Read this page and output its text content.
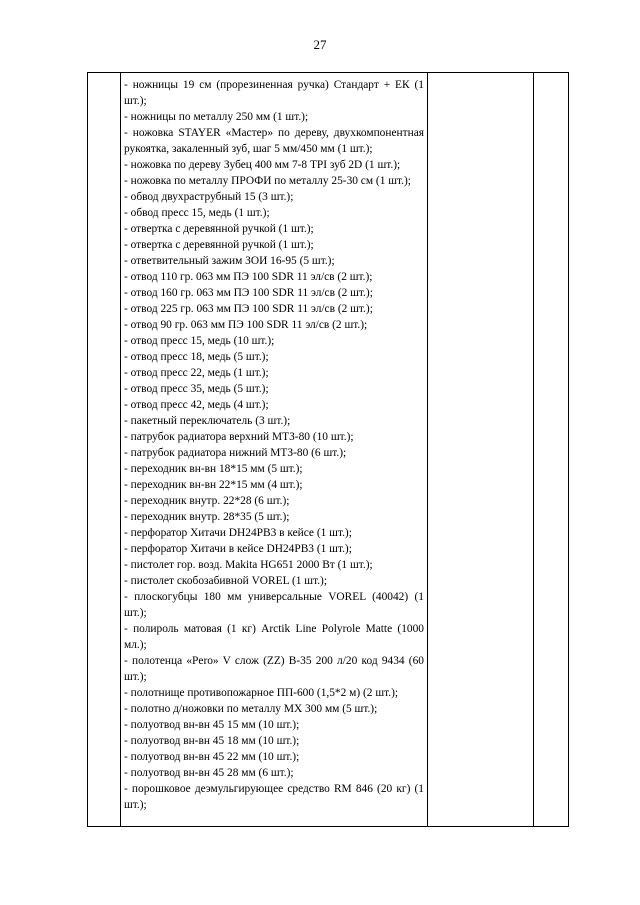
27

- ножницы 19 см (прорезиненная ручка) Стандарт + ЕК (1 шт.);

- ножницы по металлу 250 мм (1 шт.);

- ножовка STAYER «Мастер» по дереву, двухкомпонентная рукоятка, закаленный зуб, шаг 5 мм/450 мм (1 шт.);

- ножовка по дереву Зубец 400 мм 7-8 TPI зуб 2D (1 шт.);

- ножовка по металлу ПРОФИ по металлу 25-30 см (1 шт.);

- обвод двухраструбный 15 (3 шт.);

- обвод пресс 15, медь (1 шт.);

- отвертка с деревянной ручкой (1 шт.);

- отвертка с деревянной ручкой (1 шт.);

- ответвительный зажим ЗОИ 16-95 (5 шт.);

- отвод 110 гр. 063 мм ПЭ 100 SDR 11 эл/св (2 шт.);

- отвод 160 гр. 063 мм ПЭ 100 SDR 11 эл/св (2 шт.);

- отвод 225 гр. 063 мм ПЭ 100 SDR 11 эл/св (2 шт.);

- отвод 90 гр. 063 мм ПЭ 100 SDR 11 эл/св (2 шт.);

- отвод пресс 15, медь (10 шт.);

- отвод пресс 18, медь (5 шт.);

- отвод пресс 22, медь (1 шт.);

- отвод пресс 35, медь (5 шт.);

- отвод пресс 42, медь (4 шт.);

- пакетный переключатель (3 шт.);

- патрубок радиатора верхний МТЗ-80 (10 шт.);

- патрубок радиатора нижний МТЗ-80 (6 шт.);

- переходник вн-вн 18*15 мм (5 шт.);

- переходник вн-вн 22*15 мм (4 шт.);

- переходник внутр. 22*28 (6 шт.);

- переходник внутр. 28*35 (5 шт.);

- перфоратор Хитачи DH24PB3 в кейсе (1 шт.);

- перфоратор Хитачи в кейсе DH24PB3 (1 шт.);

- пистолет гор. возд. Makita HG651 2000 Вт (1 шт.);

- пистолет скобозабивной VOREL (1 шт.);

- плоскогубцы 180 мм универсальные VOREL (40042) (1 шт.);

- полироль матовая (1 кг) Arctik Line Polyrole Matte (1000 мл.);

- полотенца «Pero» V слож (ZZ) B-35 200 л/20 код 9434 (60 шт.);

- полотнище противопожарное ПП-600 (1,5*2 м) (2 шт.);

- полотно д/ножовки по металлу МХ 300 мм (5 шт.);

- полуотвод вн-вн 45 15 мм (10 шт.);

- полуотвод вн-вн 45 18 мм (10 шт.);

- полуотвод вн-вн 45 22 мм (10 шт.);

- полуотвод вн-вн 45 28 мм (6 шт.);

- порошковое деэмульгирующее средство RM 846 (20 кг) (1 шт.);
